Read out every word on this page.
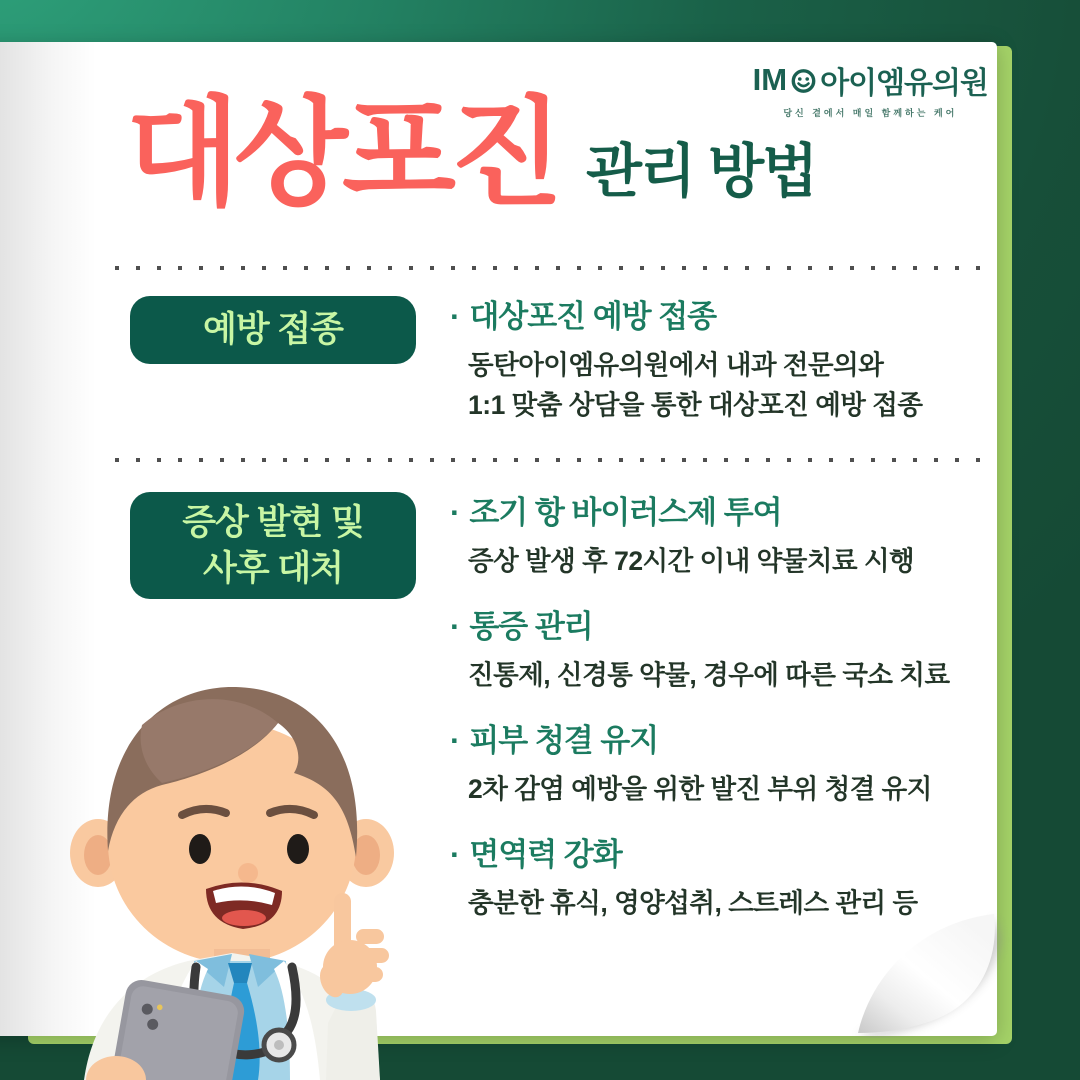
IM 아이엠유의원
당신 곁에서 매일 함께하는 케어
대상포진 관리 방법
예방 접종	· 대상포진 예방 접종
동탄아이엠유의원에서 내과 전문의와
1:1 맞춤 상담을 통한 대상포진 예방 접종
증상 발현 및
사후 대처
· 조기 항 바이러스제 투여
증상 발생 후 72시간 이내 약물치료 시행
· 통증 관리
진통제, 신경통 약물, 경우에 따른 국소 치료
· 피부 청결 유지
2차 감염 예방을 위한 발진 부위 청결 유지
· 면역력 강화
충분한 휴식, 영양섭취, 스트레스 관리 등
